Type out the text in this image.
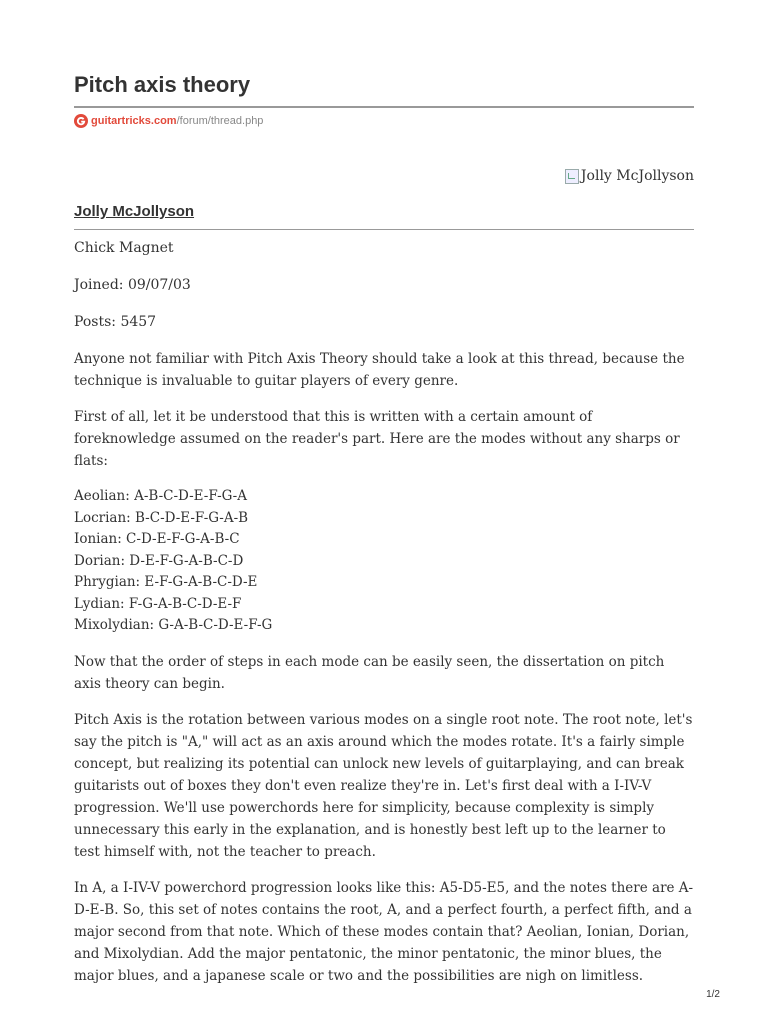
Pitch axis theory
guitartricks.com /forum/thread.php
Jolly McJollyson
Jolly McJollyson
Chick Magnet
Joined: 09/07/03
Posts: 5457

Anyone not familiar with Pitch Axis Theory should take a look at this thread, because the technique is invaluable to guitar players of every genre.

First of all, let it be understood that this is written with a certain amount of foreknowledge assumed on the reader's part. Here are the modes without any sharps or flats:

Aeolian: A-B-C-D-E-F-G-A
Locrian: B-C-D-E-F-G-A-B
Ionian: C-D-E-F-G-A-B-C
Dorian: D-E-F-G-A-B-C-D
Phrygian: E-F-G-A-B-C-D-E
Lydian: F-G-A-B-C-D-E-F
Mixolydian: G-A-B-C-D-E-F-G

Now that the order of steps in each mode can be easily seen, the dissertation on pitch axis theory can begin.

Pitch Axis is the rotation between various modes on a single root note. The root note, let's say the pitch is "A," will act as an axis around which the modes rotate. It's a fairly simple concept, but realizing its potential can unlock new levels of guitarplaying, and can break guitarists out of boxes they don't even realize they're in. Let's first deal with a I-IV-V progression. We'll use powerchords here for simplicity, because complexity is simply unnecessary this early in the explanation, and is honestly best left up to the learner to test himself with, not the teacher to preach.

In A, a I-IV-V powerchord progression looks like this: A5-D5-E5, and the notes there are A-D-E-B. So, this set of notes contains the root, A, and a perfect fourth, a perfect fifth, and a major second from that note. Which of these modes contain that? Aeolian, Ionian, Dorian, and Mixolydian. Add the major pentatonic, the minor pentatonic, the minor blues, the major blues, and a japanese scale or two and the possibilities are nigh on limitless.

1/2
